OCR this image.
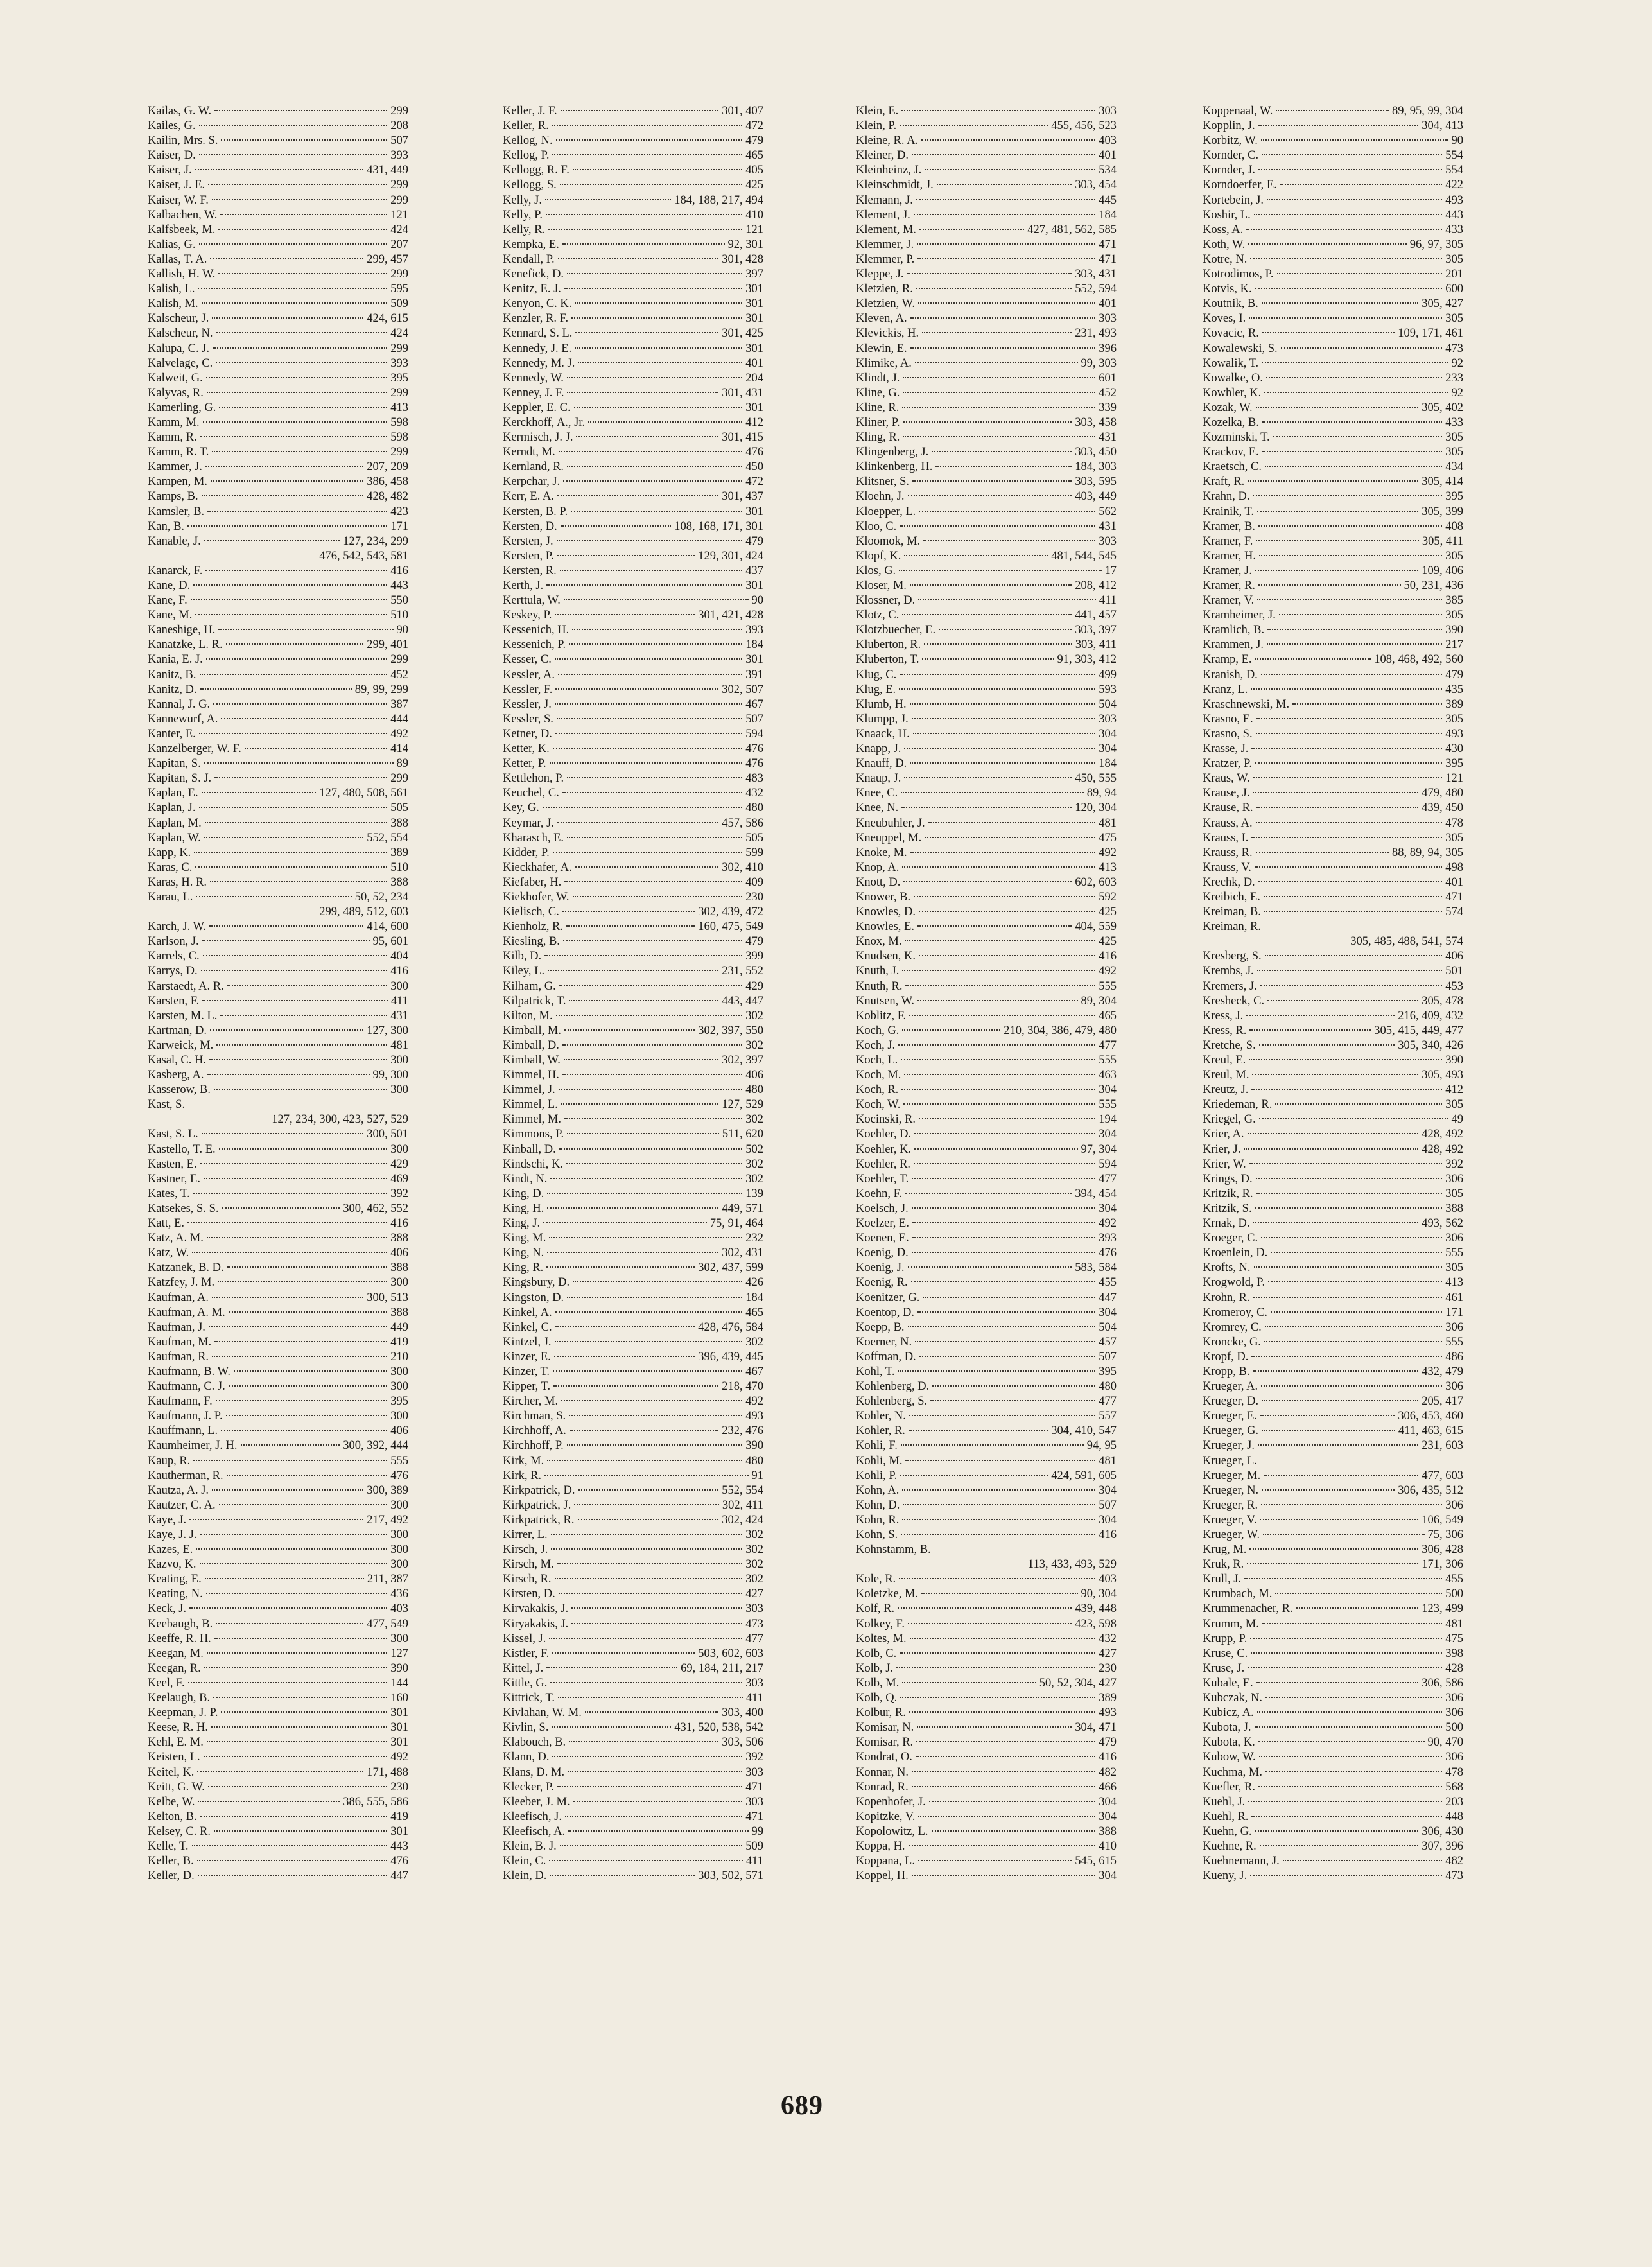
Kailas, G. W.	299
Kailes, G.	208
Kailin, Mrs. S.	507
Kaiser, D.	393
Kaiser, J.	431, 449
Kaiser, J. E.	299
Kaiser, W. F.	299
Kalbachen, W.	121
Kalfsbeek, M.	424
Kalias, G.	207
Kallas, T. A.	299, 457
Kallish, H. W.	299
Kalish, L.	595
Kalish, M.	509
Kalscheur, J.	424, 615
Kalscheur, N.	424
Kalupa, C. J.	299
Kalvelage, C.	393
Kalweit, G.	395
Kalyvas, R.	299
Kamerling, G.	413
Kamm, M.	598
Kamm, R.	598
Kamm, R. T.	299
Kammer, J.	207, 209
Kampen, M.	386, 458
Kamps, B.	428, 482
Kamsler, B.	423
Kan, B.	171
Kanable, J.	127, 234, 299
476, 542, 543, 581
Kanarck, F.	416
Kane, D.	443
Kane, F.	550
Kane, M.	510
Kaneshige, H.	90
Kanatzke, L. R.	299, 401
Kania, E. J.	299
Kanitz, B.	452
Kanitz, D.	89, 99, 299
Kannal, J. G.	387
Kannewurf, A.	444
Kanter, E.	492
Kanzelberger, W. F.	414
Kapitan, S.	89
Kapitan, S. J.	299
Kaplan, E.	127, 480, 508, 561
Kaplan, J.	505
Kaplan, M.	388
Kaplan, W.	552, 554
Kapp, K.	389
Karas, C.	510
Karas, H. R.	388
Karau, L.	50, 52, 234
299, 489, 512, 603
Karch, J. W.	414, 600
Karlson, J.	95, 601
Karrels, C.	404
Karrys, D.	416
Karstaedt, A. R.	300
Karsten, F.	411
Karsten, M. L.	431
Kartman, D.	127, 300
Karweick, M.	481
Kasal, C. H.	300
Kasberg, A.	99, 300
Kasserow, B.	300
Kast, S.
127, 234, 300, 423, 527, 529
Kast, S. L.	300, 501
Kastello, T. E.	300
Kasten, E.	429
Kastner, E.	469
Kates, T.	392
Katsekes, S. S.	300, 462, 552
Katt, E.	416
Katz, A. M.	388
Katz, W.	406
Katzanek, B. D.	388
Katzfey, J. M.	300
Kaufman, A.	300, 513
Kaufman, A. M.	388
Kaufman, J.	449
Kaufman, M.	419
Kaufman, R.	210
Kaufmann, B. W.	300
Kaufmann, C. J.	300
Kaufmann, F.	395
Kaufmann, J. P.	300
Kauffmann, L.	406
Kaumheimer, J. H.	300, 392, 444
Kaup, R.	555
Kautherman, R.	476
Kautza, A. J.	300, 389
Kautzer, C. A.	300
Kaye, J.	217, 492
Kaye, J. J.	300
Kazes, E.	300
Kazvo, K.	300
Keating, E.	211, 387
Keating, N.	436
Keck, J.	403
Keebaugh, B.	477, 549
Keeffe, R. H.	300
Keegan, M.	127
Keegan, R.	390
Keel, F.	144
Keelaugh, B.	160
Keepman, J. P.	301
Keese, R. H.	301
Kehl, E. M.	301
Keisten, L.	492
Keitel, K.	171, 488
Keitt, G. W.	230
Kelbe, W.	386, 555, 586
Kelton, B.	419
Kelsey, C. R.	301
Kelle, T.	443
Keller, B.	476
Keller, D.	447
Keller, J. F.	301, 407
Keller, R.	472
Kellog, N.	479
Kellog, P.	465
Kellogg, R. F.	405
Kellogg, S.	425
Kelly, J.	184, 188, 217, 494
Kelly, P.	410
Kelly, R.	121
Kempka, E.	92, 301
Kendall, P.	301, 428
Kenefick, D.	397
Kenitz, E. J.	301
Kenyon, C. K.	301
Kenzler, R. F.	301
Kennard, S. L.	301, 425
Kennedy, J. E.	301
Kennedy, M. J.	401
Kennedy, W.	204
Kenney, J. F.	301, 431
Keppler, E. C.	301
Kerckhoff, A., Jr.	412
Kermisch, J. J.	301, 415
Kerndt, M.	476
Kernland, R.	450
Kerpchar, J.	472
Kerr, E. A.	301, 437
Kersten, B. P.	301
Kersten, D.	108, 168, 171, 301
Kersten, J.	479
Kersten, P.	129, 301, 424
Kersten, R.	437
Kerth, J.	301
Kerttula, W.	90
Keskey, P.	301, 421, 428
Kessenich, H.	393
Kessenich, P.	184
Kesser, C.	301
Kessler, A.	391
Kessler, F.	302, 507
Kessler, J.	467
Kessler, S.	507
Ketner, D.	594
Ketter, K.	476
Ketter, P.	476
Kettlehon, P.	483
Keuchel, C.	432
Key, G.	480
Keymar, J.	457, 586
Kharasch, E.	505
Kidder, P.	599
Kieckhafer, A.	302, 410
Kiefaber, H.	409
Kiekhofer, W.	230
Kielisch, C.	302, 439, 472
Kienholz, R.	160, 475, 549
Kiesling, B.	479
Kilb, D.	399
Kiley, L.	231, 552
Kilham, G.	429
Kilpatrick, T.	443, 447
Kilton, M.	302
Kimball, M.	302, 397, 550
Kimball, D.	302
Kimball, W.	302, 397
Kimmel, H.	406
Kimmel, J.	480
Kimmel, L.	127, 529
Kimmel, M.	302
Kimmons, P.	511, 620
Kinball, D.	502
Kindschi, K.	302
Kindt, N.	302
King, D.	139
King, H.	449, 571
King, J.	75, 91, 464
King, M.	232
King, N.	302, 431
King, R.	302, 437, 599
Kingsbury, D.	426
Kingston, D.	184
Kinkel, A.	465
Kinkel, C.	428, 476, 584
Kintzel, J.	302
Kinzer, E.	396, 439, 445
Kinzer, T.	467
Kipper, T.	218, 470
Kircher, M.	492
Kirchman, S.	493
Kirchhoff, A.	232, 476
Kirchhoff, P.	390
Kirk, M.	480
Kirk, R.	91
Kirkpatrick, D.	552, 554
Kirkpatrick, J.	302, 411
Kirkpatrick, R.	302, 424
Kirrer, L.	302
Kirsch, J.	302
Kirsch, M.	302
Kirsch, R.	302
Kirsten, D.	427
Kirvakakis, J.	303
Kiryakakis, J.	473
Kissel, J.	477
Kistler, F.	503, 602, 603
Kittel, J.	69, 184, 211, 217
Kittle, G.	303
Kittrick, T.	411
Kivlahan, W. M.	303, 400
Kivlin, S.	431, 520, 538, 542
Klabouch, B.	303, 506
Klann, D.	392
Klans, D. M.	303
Klecker, P.	471
Kleeber, J. M.	303
Kleefisch, J.	471
Kleefisch, A.	99
Klein, B. J.	509
Klein, C.	411
Klein, D.	303, 502, 571
Klein, E.	303
Klein, P.	455, 456, 523
Kleine, R. A.	403
Kleiner, D.	401
Kleinheinz, J.	534
Kleinschmidt, J.	303, 454
Klemann, J.	445
Klement, J.	184
Klement, M.	427, 481, 562, 585
Klemmer, J.	471
Klemmer, P.	471
Kleppe, J.	303, 431
Kletzien, R.	552, 594
Kletzien, W.	401
Kleven, A.	303
Klevickis, H.	231, 493
Klewin, E.	396
Klimike, A.	99, 303
Klindt, J.	601
Kline, G.	452
Kline, R.	339
Kliner, P.	303, 458
Kling, R.	431
Klingenberg, J.	303, 450
Klinkenberg, H.	184, 303
Klitsner, S.	303, 595
Kloehn, J.	403, 449
Kloepper, L.	562
Kloo, C.	431
Kloomok, M.	303
Klopf, K.	481, 544, 545
Klos, G.	17
Kloser, M.	208, 412
Klossner, D.	411
Klotz, C.	441, 457
Klotzbuecher, E.	303, 397
Kluberton, R.	303, 411
Kluberton, T.	91, 303, 412
Klug, C.	499
Klug, E.	593
Klumb, H.	504
Klumpp, J.	303
Knaack, H.	304
Knapp, J.	304
Knauff, D.	184
Knaup, J.	450, 555
Knee, C.	89, 94
Knee, N.	120, 304
Kneubuhler, J.	481
Kneuppel, M.	475
Knoke, M.	492
Knop, A.	413
Knott, D.	602, 603
Knower, B.	592
Knowles, D.	425
Knowles, E.	404, 559
Knox, M.	425
Knudsen, K.	416
Knuth, J.	492
Knuth, R.	555
Knutsen, W.	89, 304
Koblitz, F.	465
Koch, G.	210, 304, 386, 479, 480
Koch, J.	477
Koch, L.	555
Koch, M.	463
Koch, R.	304
Koch, W.	555
Kocinski, R.	194
Koehler, D.	304
Koehler, K.	97, 304
Koehler, R.	594
Koehler, T.	477
Koehn, F.	394, 454
Koelsch, J.	304
Koelzer, E.	492
Koenen, E.	393
Koenig, D.	476
Koenig, J.	583, 584
Koenig, R.	455
Koenitzer, G.	447
Koentop, D.	304
Koepp, B.	504
Koerner, N.	457
Koffman, D.	507
Kohl, T.	395
Kohlenberg, D.	480
Kohlenberg, S.	477
Kohler, N.	557
Kohler, R.	304, 410, 547
Kohli, F.	94, 95
Kohli, M.	481
Kohli, P.	424, 591, 605
Kohn, A.	304
Kohn, D.	507
Kohn, R.	304
Kohn, S.	416
Kohnstamm, B.
113, 433, 493, 529
Kole, R.	403
Koletzke, M.	90, 304
Kolf, R.	439, 448
Kolkey, F.	423, 598
Koltes, M.	432
Kolb, C.	427
Kolb, J.	230
Kolb, M.	50, 52, 304, 427
Kolb, Q.	389
Kolbur, R.	493
Komisar, N.	304, 471
Komisar, R.	479
Kondrat, O.	416
Konnar, N.	482
Konrad, R.	466
Kopenhofer, J.	304
Kopitzke, V.	304
Kopolowitz, L.	388
Koppa, H.	410
Koppana, L.	545, 615
Koppel, H.	304
Koppenaal, W.	89, 95, 99, 304
Kopplin, J.	304, 413
Korbitz, W.	90
Kornder, C.	554
Kornder, J.	554
Korndoerfer, E.	422
Kortebein, J.	493
Koshir, L.	443
Koss, A.	433
Koth, W.	96, 97, 305
Kotre, N.	305
Kotrodimos, P.	201
Kotvis, K.	600
Koutnik, B.	305, 427
Koves, I.	305
Kovacic, R.	109, 171, 461
Kowalewski, S.	473
Kowalik, T.	92
Kowalke, O.	233
Kowhler, K.	92
Kozak, W.	305, 402
Kozelka, B.	433
Kozminski, T.	305
Krackov, E.	305
Kraetsch, C.	434
Kraft, R.	305, 414
Krahn, D.	395
Krainik, T.	305, 399
Kramer, B.	408
Kramer, F.	305, 411
Kramer, H.	305
Kramer, J.	109, 406
Kramer, R.	50, 231, 436
Kramer, V.	385
Kramheimer, J.	305
Kramlich, B.	390
Krammen, J.	217
Kramp, E.	108, 468, 492, 560
Kranish, D.	479
Kranz, L.	435
Kraschnewski, M.	389
Krasno, E.	305
Krasno, S.	493
Krasse, J.	430
Kratzer, P.	395
Kraus, W.	121
Krause, J.	479, 480
Krause, R.	439, 450
Krauss, A.	478
Krauss, I.	305
Krauss, R.	88, 89, 94, 305
Krauss, V.	498
Krechk, D.	401
Kreibich, E.	471
Kreiman, B.	574
Kreiman, R.
305, 485, 488, 541, 574
Kresberg, S.	406
Krembs, J.	501
Kremers, J.	453
Kresheck, C.	305, 478
Kress, J.	216, 409, 432
Kress, R.	305, 415, 449, 477
Kretche, S.	305, 340, 426
Kreul, E.	390
Kreul, M.	305, 493
Kreutz, J.	412
Kriedeman, R.	305
Kriegel, G.	49
Krier, A.	428, 492
Krier, J.	428, 492
Krier, W.	392
Krings, D.	306
Kritzik, R.	305
Kritzik, S.	388
Krnak, D.	493, 562
Kroeger, C.	306
Kroenlein, D.	555
Krofts, N.	305
Krogwold, P.	413
Krohn, R.	461
Kromeroy, C.	171
Kromrey, C.	306
Kroncke, G.	555
Kropf, D.	486
Kropp, B.	432, 479
Krueger, A.	306
Krueger, D.	205, 417
Krueger, E.	306, 453, 460
Krueger, G.	411, 463, 615
Krueger, J.	231, 603
Krueger, L.
Krueger, M.	477, 603
Krueger, N.	306, 435, 512
Krueger, R.	306
Krueger, V.	106, 549
Krueger, W.	75, 306
Krug, M.	306, 428
Kruk, R.	171, 306
Krull, J.	455
Krumbach, M.	500
Krummenacher, R.	123, 499
Krumm, M.	481
Krupp, P.	475
Kruse, C.	398
Kruse, J.	428
Kubale, E.	306, 586
Kubczak, N.	306
Kubicz, A.	306
Kubota, J.	500
Kubota, K.	90, 470
Kubow, W.	306
Kuchma, M.	478
Kuefler, R.	568
Kuehl, J.	203
Kuehl, R.	448
Kuehn, G.	306, 430
Kuehne, R.	307, 396
Kuehnemann, J.	482
Kueny, J.	473
689
